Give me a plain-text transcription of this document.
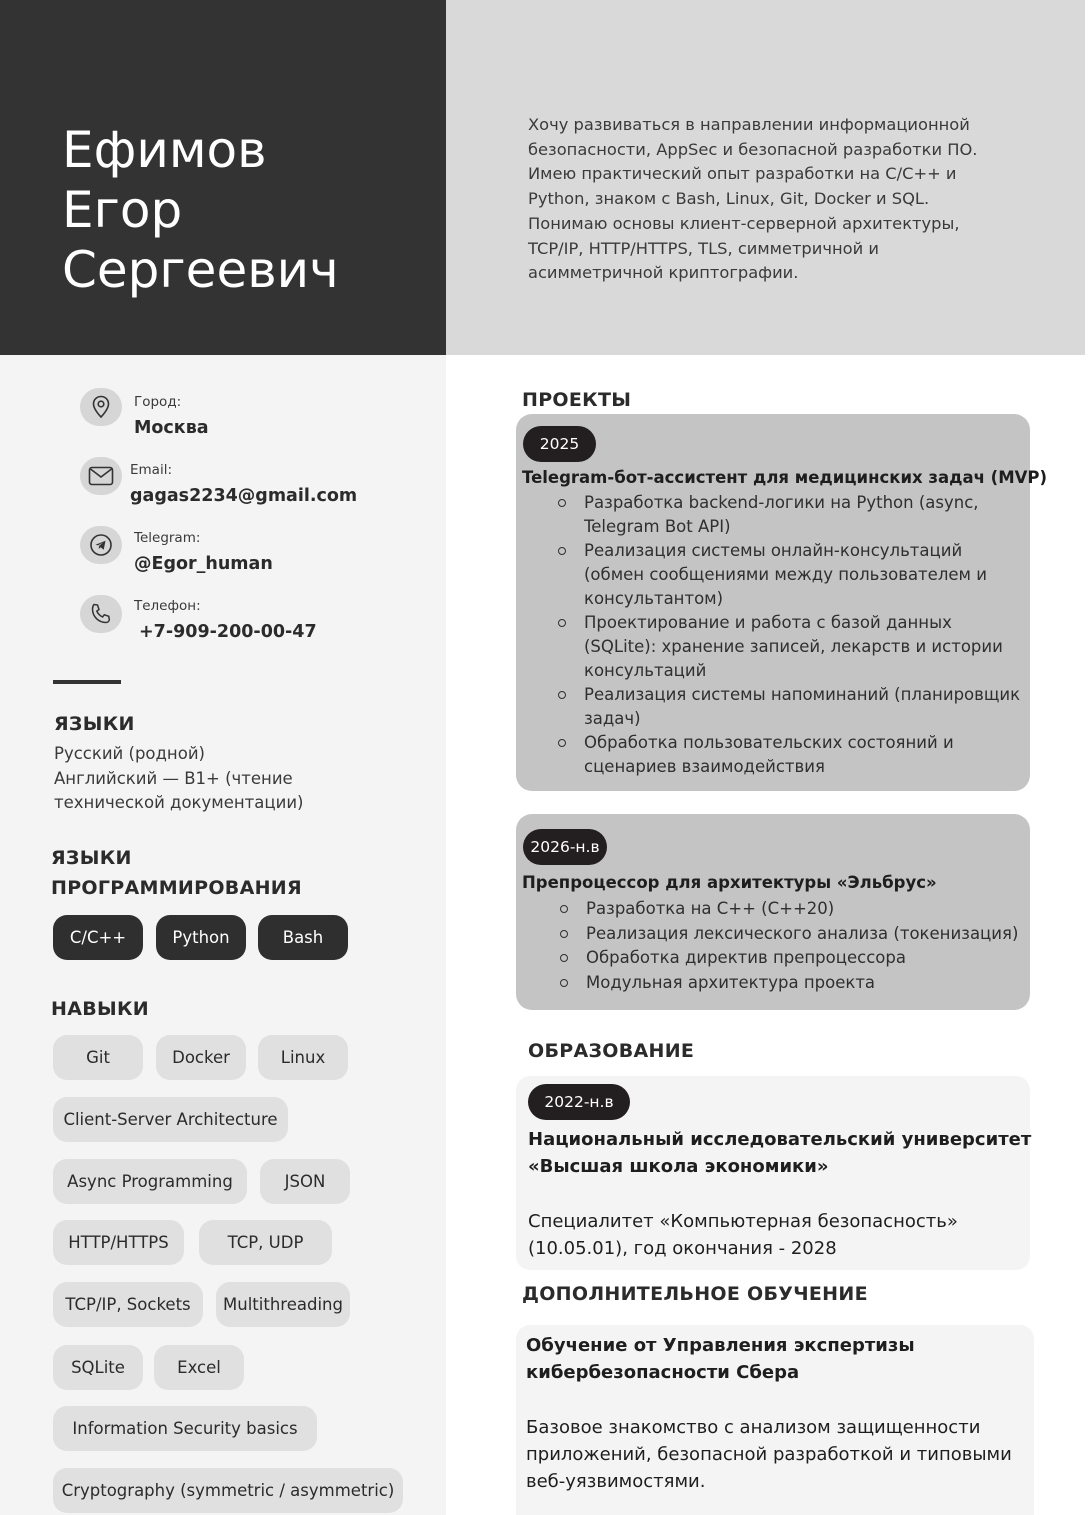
Ефимов
Егор
Сергеевич
Хочу развиваться в направлении информационной
безопасности, AppSec и безопасной разработки ПО.
Имею практический опыт разработки на C/C++ и
Python, знаком с Bash, Linux, Git, Docker и SQL.
Понимаю основы клиент-серверной архитектуры,
TCP/IP, HTTP/HTTPS, TLS, симметричной и
асимметричной криптографии.
Город:
Москва
Email:
gagas2234@gmail.com
Telegram:
@Egor_human
Телефон:
+7-909-200-00-47
ЯЗЫКИ
Русский (родной)
Английский — B1+ (чтение
технической документации)
ЯЗЫКИ
ПРОГРАММИРОВАНИЯ
C/C++	Python	Bash
НАВЫКИ
Git	Docker	Linux
Client-Server Architecture
Async Programming	JSON
HTTP/HTTPS	TCP, UDP
TCP/IP, Sockets	Multithreading
SQLite	Excel
Information Security basics
Cryptography (symmetric / asymmetric)
ПРОЕКТЫ
2025
Telegram-бот-ассистент для медицинских задач (MVP)
Разработка backend-логики на Python (async, Telegram Bot API)
Реализация системы онлайн-консультаций (обмен сообщениями между пользователем и консультантом)
Проектирование и работа с базой данных (SQLite): хранение записей, лекарств и истории консультаций
Реализация системы напоминаний (планировщик задач)
Обработка пользовательских состояний и сценариев взаимодействия
2026-н.в
Препроцессор для архитектуры «Эльбрус»
Разработка на C++ (C++20)
Реализация лексического анализа (токенизация)
Обработка директив препроцессора
Модульная архитектура проекта
ОБРАЗОВАНИЕ
2022-н.в
Национальный исследовательский университет
«Высшая школа экономики»
Специалитет «Компьютерная безопасность»
(10.05.01), год окончания - 2028
ДОПОЛНИТЕЛЬНОЕ ОБУЧЕНИЕ
Обучение от Управления экспертизы
кибербезопасности Сбера
Базовое знакомство с анализом защищенности
приложений, безопасной разработкой и типовыми
веб-уязвимостями.
